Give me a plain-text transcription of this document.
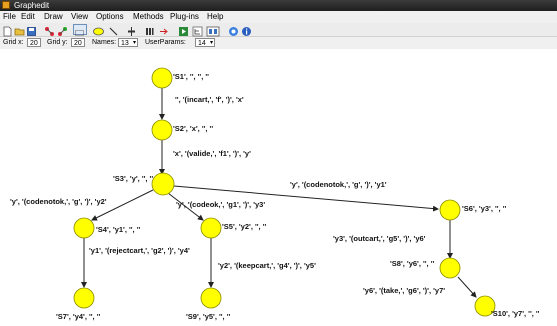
Graphedit
File Edit Draw View Options Methods Plug-ins Help
Grid x: 20	Grid y: 20	Names: 13 ▾ UserParams:	14 ▾
'S1', '', '', ''
'S2', 'x', '', ''
'S3', 'y', '', ''
'S4', 'y1', '', ''	'S5', 'y2', '', ''
'S6', 'y3', '', ''
'S7', 'y4', '', ''
'S8', 'y6', '', ''
'S9', 'y5', '', ''	'S10', 'y7', '', ''
'', '(incart,', 'f', ')', 'x'
'x', '(valide,', 'f1', ')', 'y'
'y', '(codenotok,', 'g', ')', 'y2'	'y', '(codeok,', 'g1', ')', 'y3'
'y', '(codenotok,', 'g', ')', 'y1'
'y1', '(rejectcart,', 'g2', ')', 'y4'
'y2', '(keepcart,', 'g4', ')', 'y5'
'y3', '(outcart,', 'g5', ')', 'y6'
'y6', '(take,', 'g6', ')', 'y7'
